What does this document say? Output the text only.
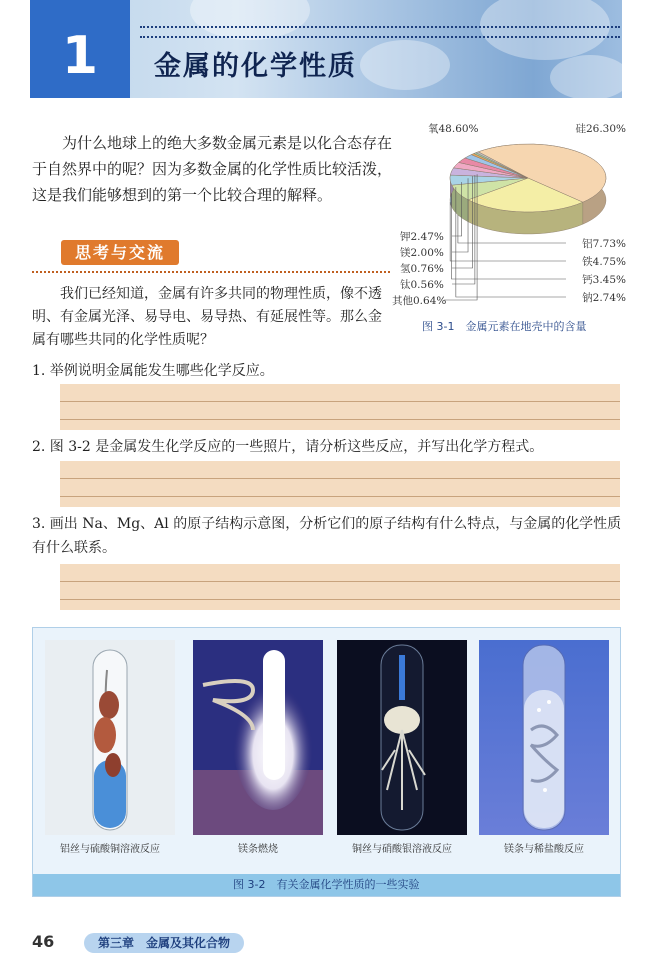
1	金属的化学性质
为什么地球上的绝大多数金属元素是以化合态存在于自然界中的呢？因为多数金属的化学性质比较活泼，这是我们能够想到的第一个比较合理的解释。
氧48.60%	硅26.30%
铝7.73%
铁4.75%
钙3.45%
钠2.74%
钾2.47%
镁2.00%
氢0.76%
钛0.56%
其他0.64%
图 3-1　金属元素在地壳中的含量
思考与交流
我们已经知道，金属有许多共同的物理性质，像不透明、有金属光泽、易导电、易导热、有延展性等。那么金属有哪些共同的化学性质呢？
1. 举例说明金属能发生哪些化学反应。
2. 图 3-2 是金属发生化学反应的一些照片，请分析这些反应，并写出化学方程式。
3. 画出 Na、Mg、Al 的原子结构示意图，分析它们的原子结构有什么特点，与金属的化学性质有什么联系。
铝丝与硫酸铜溶液反应	镁条燃烧	铜丝与硝酸银溶液反应	镁条与稀盐酸反应
图 3-2　有关金属化学性质的一些实验
46	第三章　金属及其化合物
